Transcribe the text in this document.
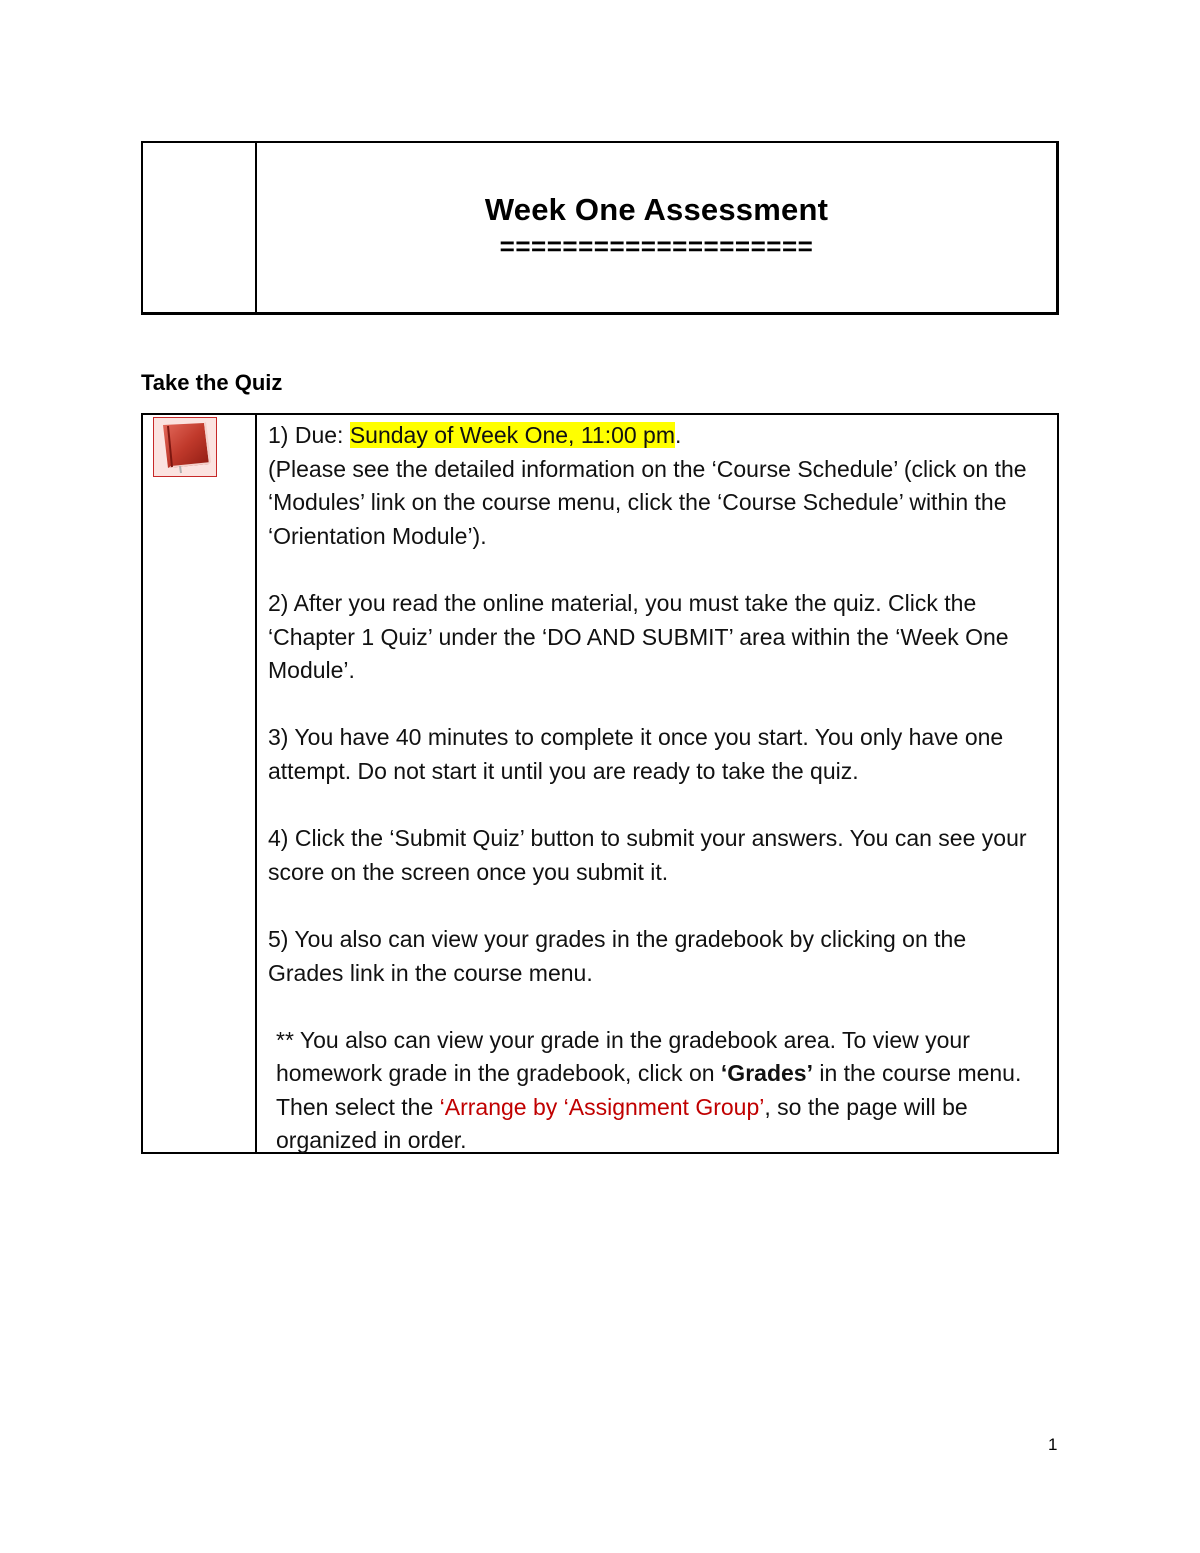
Week One Assessment
====================
Take the Quiz

1) Due: Sunday of Week One, 11:00 pm.

(Please see the detailed information on the ‘Course Schedule’ (click on the ‘Modules’ link on the course menu, click the ‘Course Schedule’ within the ‘Orientation Module’).

2) After you read the online material, you must take the quiz. Click the ‘Chapter 1 Quiz’ under the ‘DO AND SUBMIT’ area within the ‘Week One Module’.

3) You have 40 minutes to complete it once you start. You only have one attempt. Do not start it until you are ready to take the quiz.

4) Click the ‘Submit Quiz’ button to submit your answers. You can see your score on the screen once you submit it.

5) You also can view your grades in the gradebook by clicking on the Grades link in the course menu.

** You also can view your grade in the gradebook area. To view your homework grade in the gradebook, click on ‘Grades’ in the course menu. Then select the ‘Arrange by ‘Assignment Group’, so the page will be organized in order.

1
